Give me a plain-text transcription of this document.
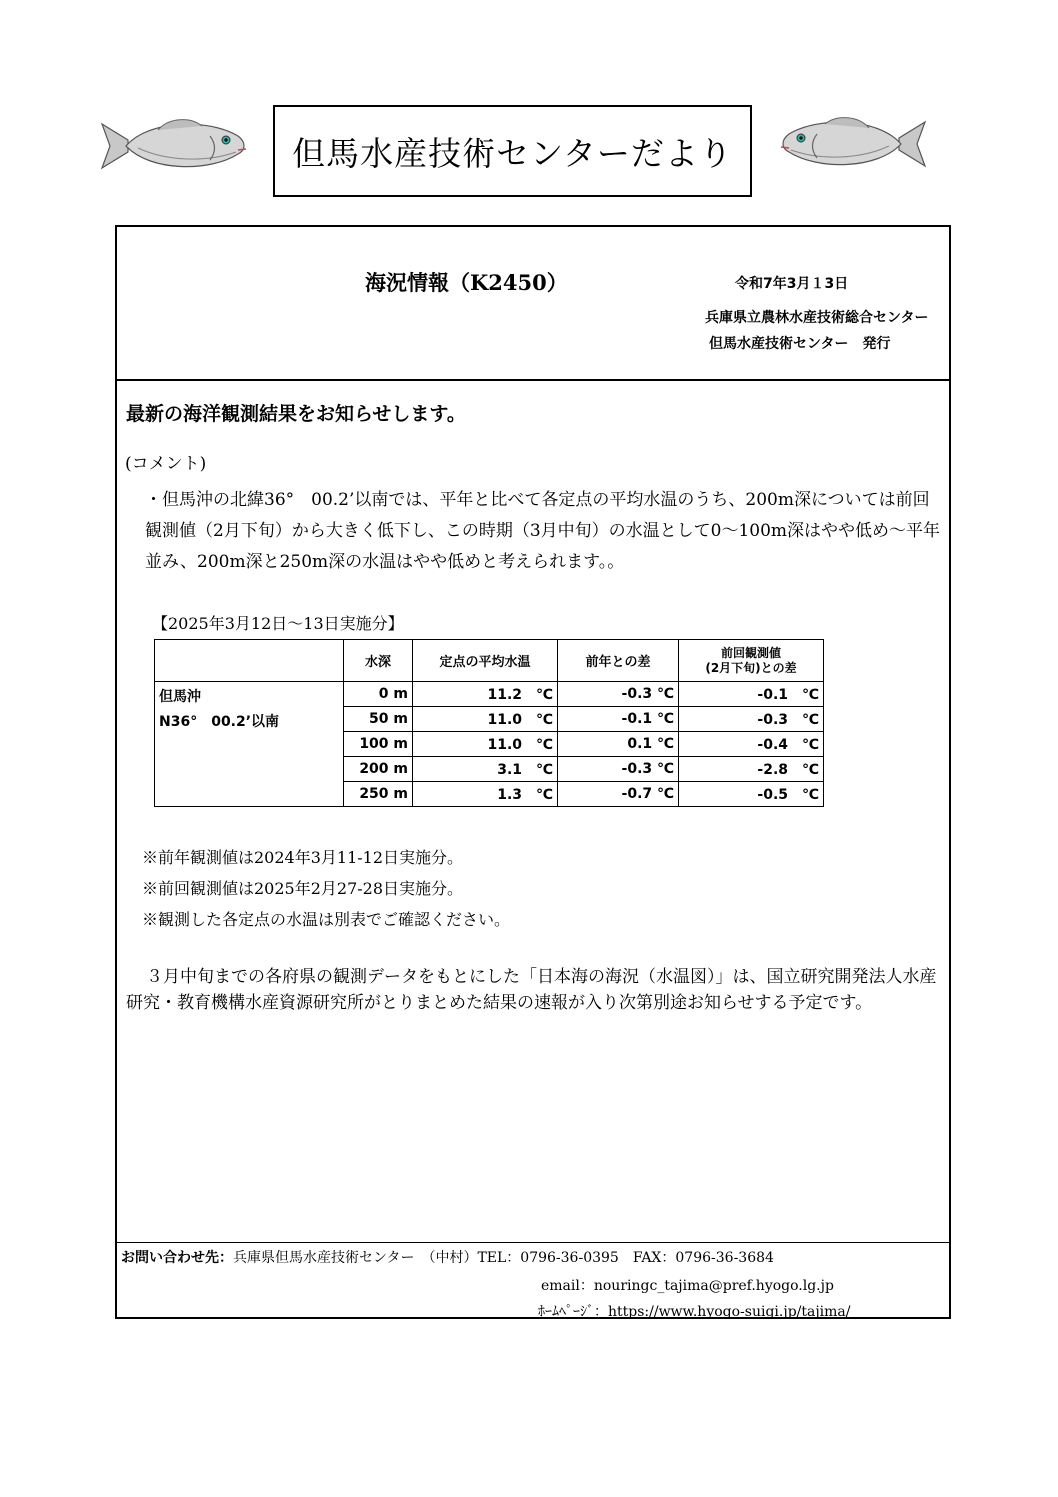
但馬水産技術センターだより
海況情報（K2450）	令和7年3月１3日
兵庫県立農林水産技術総合センター
但馬水産技術センター　発行
最新の海洋観測結果をお知らせします。
(コメント)
・但馬沖の北緯36°　00.2’以南では、平年と比べて各定点の平均水温のうち、200m深については前回観測値（2月下旬）から大きく低下し、この時期（3月中旬）の水温として0～100m深はやや低め～平年並み、200m深と250m深の水温はやや低めと考えられます。。
【2025年3月12日～13日実施分】
	水深	定点の平均水温	前年との差	前回観測値
(2月下旬)との差

但馬沖
N36°　00.2’以南	0 m	11.2　℃	-0.3 ℃	-0.1　℃
	50 m	11.0　℃	-0.1 ℃	-0.3　℃
	100 m	11.0　℃	0.1 ℃	-0.4　℃
	200 m	3.1　℃	-0.3 ℃	-2.8　℃
	250 m	1.3　℃	-0.7 ℃	-0.5　℃
※前年観測値は2024年3月11-12日実施分。
※前回観測値は2025年2月27-28日実施分。
※観測した各定点の水温は別表でご確認ください。
３月中旬までの各府県の観測データをもとにした「日本海の海況（水温図）」は、国立研究開発法人水産研究・教育機構水産資源研究所がとりまとめた結果の速報が入り次第別途お知らせする予定です。
お問い合わせ先：兵庫県但馬水産技術センター　（中村）TEL：0796-36-0395　FAX：0796-36-3684
email：nouringc_tajima@pref.hyogo.lg.jp
ﾎｰﾑﾍﾟｰｼﾞ：https://www.hyogo-suigi.jp/tajima/
